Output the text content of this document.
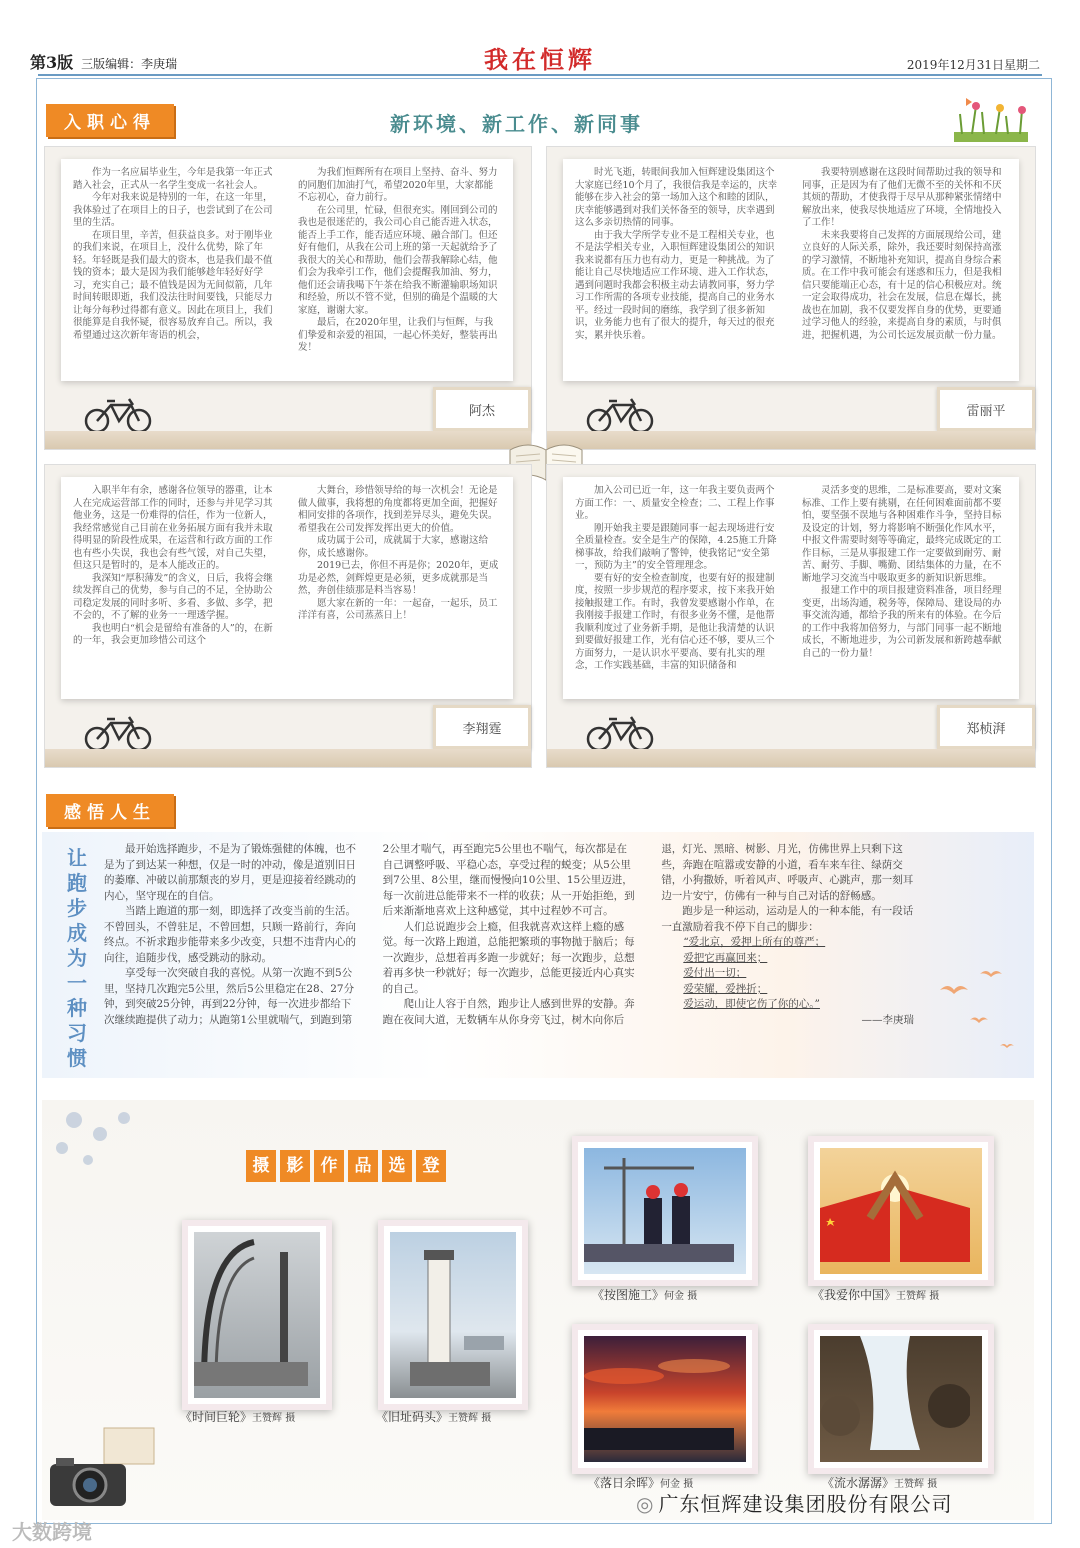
第3版 三版编辑：李庚瑞	我在恒辉	2019年12月31日星期二
入职心得	新环境、新工作、新同事

作为一名应届毕业生，今年是我第一年正式踏入社会，正式从一名学生变成一名社会人。

今年对我来说是特别的一年，在这一年里，我体验过了在项目上的日子，也尝试到了在公司里的生活。

在项目里，辛苦，但获益良多。对于刚毕业的我们来说，在项目上，没什么优势，除了年轻。年轻既是我们最大的资本，也是我们最不值钱的资本；最大是因为我们能够趁年轻好好学习，充实自己；最不值钱是因为无间似箭，几年时间转眼即逝，我们没法往时间要钱，只能尽力让每分每秒过得都有意义。因此在项目上，我们很能算是自我怀疑，很容易放弃自己。所以，我希望通过这次新年寄语的机会，

为我们恒辉所有在项目上坚持、奋斗、努力的同胞们加油打气，希望2020年里，大家都能不忘初心，奋力前行。

在公司里，忙碌，但很充实。刚回到公司的我也是很迷茫的，我公司心自己能否进入状态，能否上手工作，能否适应环境、融合部门。但还好有他们，从我在公司上班的第一天起就给予了我很大的关心和帮助，他们会帮我解除心结，他们会为我牵引工作，他们会提醒我加油、努力，他们还会请我喝下午茶在给我不断灌输职场知识和经验，所以不管不觉，但别的确是个温暖的大家庭，谢谢大家。

最后，在2020年里，让我们与恒辉，与我们挚爱和亲爱的祖国，一起心怀美好，整装再出发！

阿杰

时光飞逝，转眼间我加入恒辉建设集团这个大家庭已经10个月了，我很信我是幸运的，庆幸能够在步入社会的第一场加入这个和睦的团队，庆幸能够遇到对我们关怀备至的领导，庆幸遇到这么多亲切热情的同事。

由于我大学所学专业不是工程相关专业，也不是法学相关专业，入职恒辉建设集团公的知识我来说都有压力也有动力，更是一种挑战。为了能让自己尽快地适应工作环境、进入工作状态，遇到问题时我都会积极主动去请教同事，努力学习工作所需的各项专业技能，提高自己的业务水平。经过一段时间的磨练，我学到了很多新知识，业务能力也有了很大的提升，每天过的很充实，累并快乐着。

我要特别感谢在这段时间帮助过我的领导和同事，正是因为有了他们无微不至的关怀和不厌其烦的帮助，才使我得于尽早从那种紧张情绪中解放出来，使我尽快地适应了环境，全情地投入了工作！

未来我要将自己发挥的方面展现给公司，建立良好的人际关系，除外，我还要时刻保持高涨的学习激情，不断地补充知识，提高自身综合素质。在工作中我可能会有迷惑和压力，但是我相信只要能端正心态，有十足的信心积极应对。统一定会取得成功，社会在发展，信息在爆长，挑战也在加剧，我不仅要发挥自身的优势，更要通过学习他人的经验，来提高自身的素质，与时俱进，把握机遇，为公司长远发展贡献一份力量。

雷丽平

入职半年有余，感谢各位领导的器重，让本人在完成运营部工作的同时，还参与并见学习其他业务，这是一份难得的信任，作为一位新人，我经常感觉自己目前在业务拓展方面有我并未取得明显的阶段性成果，在运营和行政方面的工作也有些小失误，我也会有些气馁，对自己失望，但这只是暂时的，是本人能改正的。

我深知“厚积薄发”的含义，日后，我将会继续发挥自己的优势，参与自己的不足，全协助公司稳定发展的同时多听、多看、多做、多学，把不会的，不了解的业务一一理透学握。

我也明白“机会是留给有准备的人”的，在新的一年，我会更加珍惜公司这个

大舞台，珍惜领导给的每一次机会！无论是做人做事，我将想的角度都将更加全面，把握好相同安排的各项作，找到差异尽头，避免失误。希望我在公司发挥发挥出更大的价值。

成功属于公司，成就属于大家，感谢这给你，成长感谢你。

2019已去，你但不再是你；2020年，更成功是必然，剑辉煌更是必须，更多成就那是当然，奔创佳绩那是料当容易！

愿大家在新的一年：一起奋，一起乐，员工洋洋有喜，公司蒸蒸日上！

李翔霆

加入公司已近一年，这一年我主要负责两个方面工作：一、质量安全检查；二、工程上作事业。

刚开始我主要是跟随同事一起去现场进行安全质量检查。安全是生产的保障，4.25施工升降梯事故，给我们敲响了警钟，使我铭记“安全第一，预防为主”的安全管理理念。

要有好的安全检查制度，也要有好的报建制度，按照一步步规范的程序要求，按下来我开始接触报建工作。有时，我曾发要感谢小作单，在我刚接手报建工作时，有很多业务不懂，是他帮我顺利度过了业务新手期，是他让我清楚的认识到要做好报建工作，光有信心还不够，要从三个方面努力，一是认识水平要高、要有扎实的理念，工作实践基础，丰富的知识储备和

灵活多变的思维，二是标准要高，要对文案标准、工作上要有挑剔，在任何困难面前都不要怕，要坚强不误地与各种困难作斗争，坚持目标及设定的计划，努力将影响不断强化作风水平，中报文件需要时刻等等确定，最终完成既定的工作目标，三是从事报建工作一定要做到耐劳、耐苦、耐劳、手脚、嘴勤、团结集体的力量，在不断地学习交流当中吸取更多的新知识新思维。

报建工作中的项目报建资料准备，项目经理变更，出场沟通，税务等，保障局、建设局的办事交流沟通，都给予我的所来有的体验。在今后的工作中我将加倍努力，与部门同事一起不断地成长，不断地进步，为公司新发展和新跨越奉献自己的一份力量！

郑桢湃
感悟人生
让跑步成为一种习惯

最开始选择跑步，不是为了锻炼强健的体魄，也不是为了到达某一种想，仅是一时的冲动，像是道别旧日的萎靡、冲破以前那颓丧的岁月，更是迎接着经跳动的内心，坚守现在的自信。

当踏上跑道的那一刻，即选择了改变当前的生活。不曾回头，不曾驻足，不曾回想，只顾一路前行，奔向终点。不祈求跑步能带来多少改变，只想不违背内心的向往，追随步伐，感受跳动的脉动。

享受每一次突破自我的喜悦。从第一次跑不到5公里，坚持几次跑完5公里，然后5公里稳定在28、27分钟，到突破25分钟，再到22分钟，每一次进步都给下次继续跑提供了动力；从跑第1公里就喘气，到跑到第2公里才喘气，再至跑完5公里也不喘气，每次都是在自己调整呼吸、平稳心态，享受过程的蜕变；从5公里到7公里、8公里，继而慢慢向10公里、15公里迈进，每一次前进总能带来不一样的收获；从一开始拒绝，到后来渐渐地喜欢上这种感觉，其中过程妙不可言。

人们总说跑步会上瘾，但我就喜欢这样上瘾的感觉。每一次路上跑道，总能把繁琐的事物抛于脑后；每一次跑步，总想着再多跑一步就好；每一次跑步，总想着再多快一秒就好；每一次跑步，总能更接近内心真实的自己。

爬山让人容于自然，跑步让人感到世界的安静。奔跑在夜间大道，无数辆车从你身旁飞过，树木向你后退，灯光、黑暗、树影、月光，仿佛世界上只剩下这些，奔跑在喧嚣或安静的小道，看车来车往、绿荫交错，小狗撒娇，听着风声、呼吸声、心跳声，那一刻耳边一片安宁，仿佛有一种与自己对话的舒畅感。

跑步是一种运动，运动是人的一种本能，有一段话一直激励着我不停下自己的脚步：

“爱北京，爱押上所有的尊严；

爱把它再赢回来；

爱付出一切；

爱荣耀，爱挫折；

爱运动，即使它伤了你的心。”

——李庚瑞

摄	影	作	品	选	登
《时间巨轮》王赞辉 摄	《旧址码头》王赞辉 摄
《按图施工》何金 摄	《我爱你中国》王赞辉 摄
《落日余晖》何金 摄	《流水潺潺》王赞辉 摄
◎ 广东恒辉建设集团股份有限公司
大数跨境
